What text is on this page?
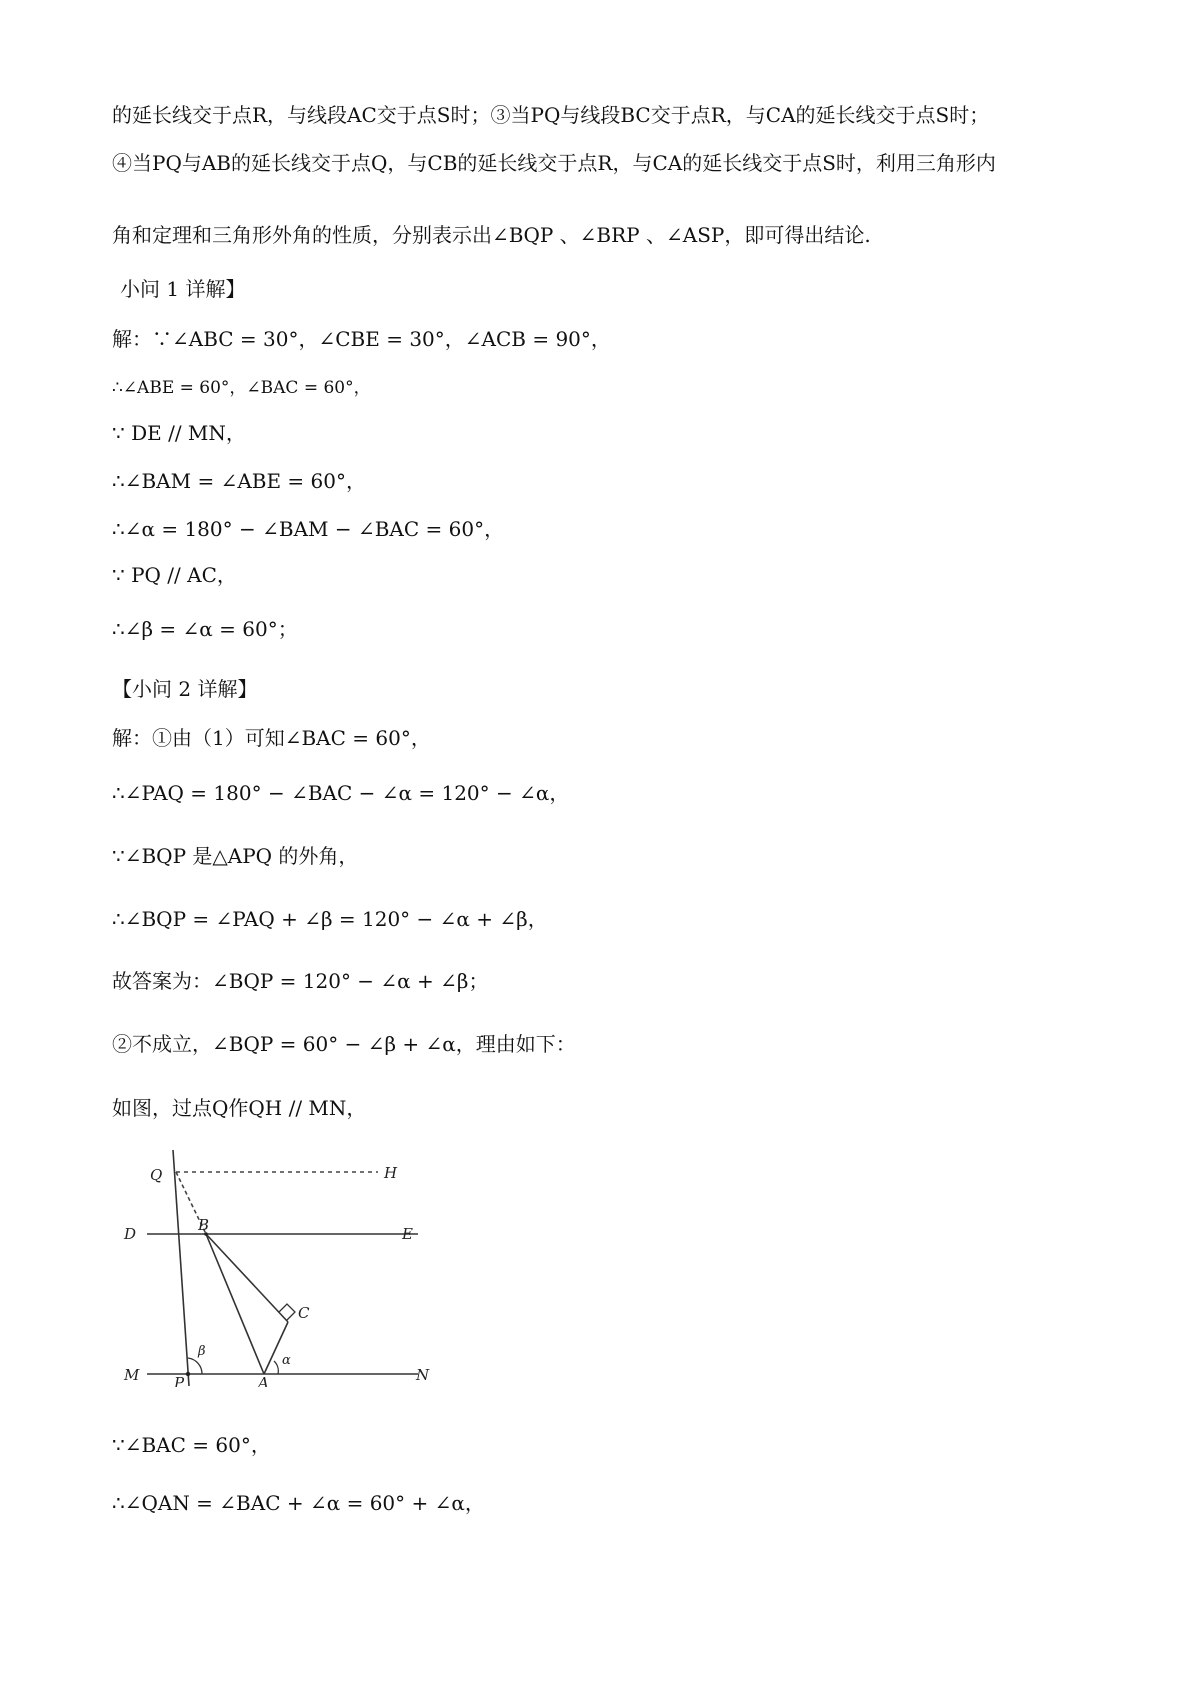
的延长线交于点R，与线段AC交于点S时；③当PQ与线段BC交于点R，与CA的延长线交于点S时；
④当PQ与AB的延长线交于点Q，与CB的延长线交于点R，与CA的延长线交于点S时，利用三角形内
角和定理和三角形外角的性质，分别表示出∠BQP 、∠BRP 、∠ASP，即可得出结论.
小问 1 详解】
解：∵∠ABC = 30°，∠CBE = 30°，∠ACB = 90°，
∴∠ABE = 60°，∠BAC = 60°，
∵ DE // MN，
∴∠BAM = ∠ABE = 60°，
∴∠α = 180° − ∠BAM − ∠BAC = 60°，
∵ PQ // AC，
∴∠β = ∠α = 60°；
【小问 2 详解】
解：①由（1）可知∠BAC = 60°，
∴∠PAQ = 180° − ∠BAC − ∠α = 120° − ∠α，
∵∠BQP 是△APQ 的外角，
∴∠BQP = ∠PAQ + ∠β = 120° − ∠α + ∠β，
故答案为：∠BQP = 120° − ∠α + ∠β；
②不成立，∠BQP = 60° − ∠β + ∠α，理由如下：
如图，过点Q作QH // MN，
Q	H
D	B	E
C
β
α
M P	A	N
∵∠BAC = 60°，
∴∠QAN = ∠BAC + ∠α = 60° + ∠α，
